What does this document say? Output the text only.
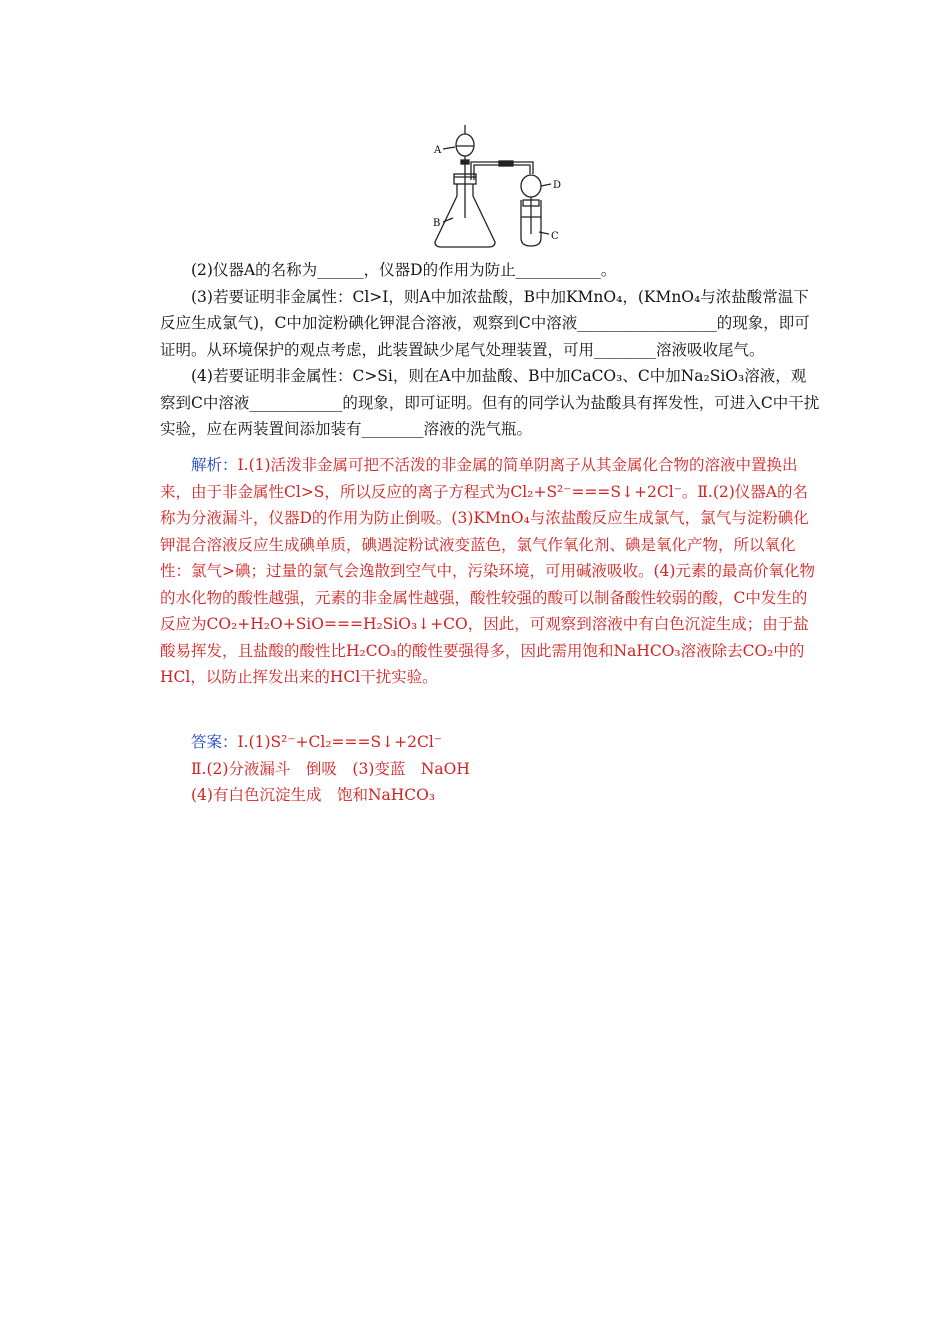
A
B
C
D

(2)仪器A的名称为______，仪器D的作用为防止___________。

(3)若要证明非金属性：Cl>I，则A中加浓盐酸，B中加KMnO₄，(KMnO₄与浓盐酸常温下反应生成氯气)，C中加淀粉碘化钾混合溶液，观察到C中溶液__________________的现象，即可证明。从环境保护的观点考虑，此装置缺少尾气处理装置，可用________溶液吸收尾气。

(4)若要证明非金属性：C>Si，则在A中加盐酸、B中加CaCO₃、C中加Na₂SiO₃溶液，观察到C中溶液____________的现象，即可证明。但有的同学认为盐酸具有挥发性，可进入C中干扰实验，应在两装置间添加装有________溶液的洗气瓶。

解析：Ⅰ.(1)活泼非金属可把不活泼的非金属的简单阴离子从其金属化合物的溶液中置换出来，由于非金属性Cl>S，所以反应的离子方程式为Cl₂+S²⁻===S↓+2Cl⁻。Ⅱ.(2)仪器A的名称为分液漏斗，仪器D的作用为防止倒吸。(3)KMnO₄与浓盐酸反应生成氯气，氯气与淀粉碘化钾混合溶液反应生成碘单质，碘遇淀粉试液变蓝色，氯气作氧化剂、碘是氧化产物，所以氧化性：氯气>碘；过量的氯气会逸散到空气中，污染环境，可用碱液吸收。(4)元素的最高价氧化物的水化物的酸性越强，元素的非金属性越强，酸性较强的酸可以制备酸性较弱的酸，C中发生的反应为CO₂+H₂O+SiO===H₂SiO₃↓+CO，因此，可观察到溶液中有白色沉淀生成；由于盐酸易挥发，且盐酸的酸性比H₂CO₃的酸性要强得多，因此需用饱和NaHCO₃溶液除去CO₂中的HCl，以防止挥发出来的HCl干扰实验。

答案：Ⅰ.(1)S²⁻+Cl₂===S↓+2Cl⁻

Ⅱ.(2)分液漏斗　倒吸　(3)变蓝　NaOH

(4)有白色沉淀生成　饱和NaHCO₃
